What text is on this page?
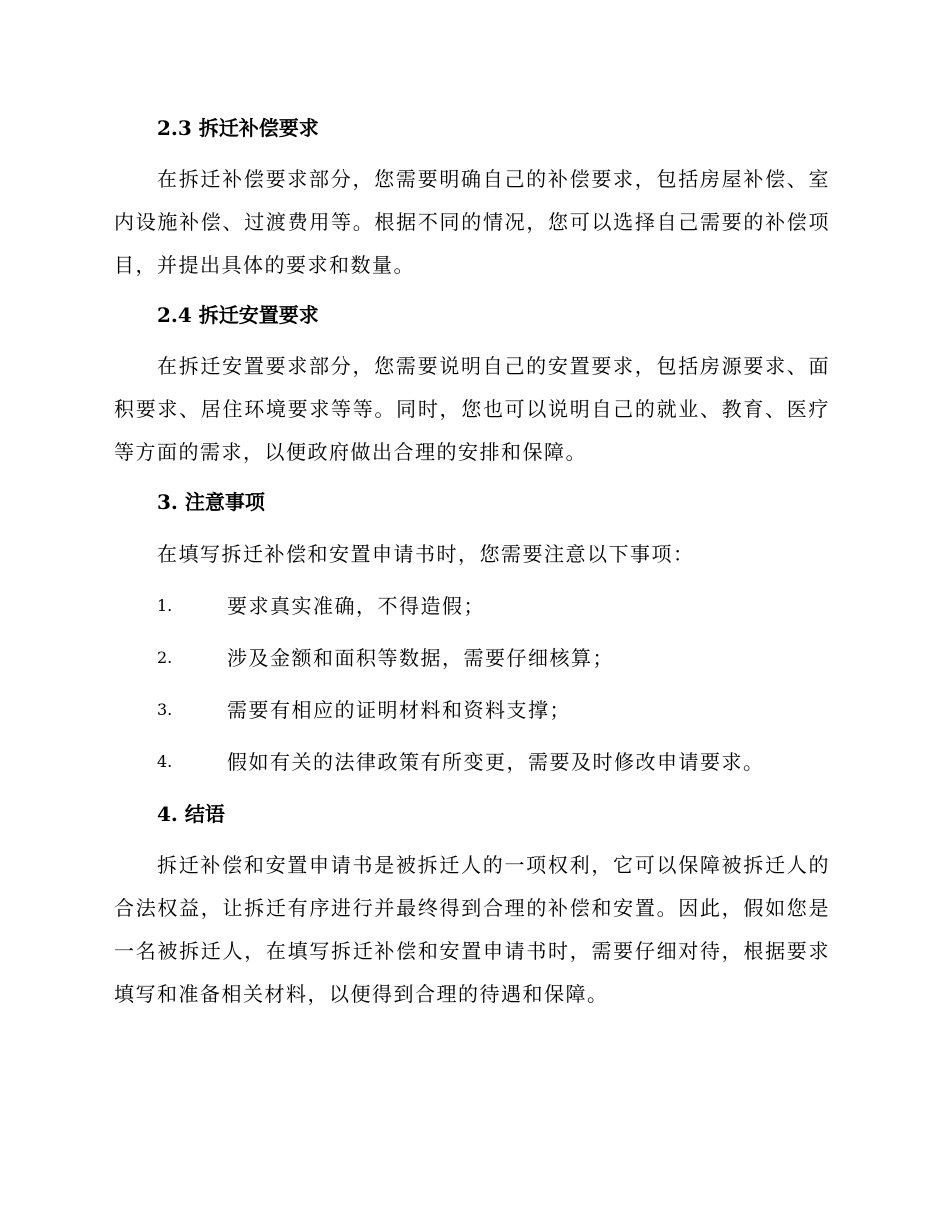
2.3 拆迁补偿要求
在拆迁补偿要求部分，您需要明确自己的补偿要求，包括房屋补偿、室内设施补偿、过渡费用等。根据不同的情况，您可以选择自己需要的补偿项目，并提出具体的要求和数量。
2.4 拆迁安置要求
在拆迁安置要求部分，您需要说明自己的安置要求，包括房源要求、面积要求、居住环境要求等等。同时，您也可以说明自己的就业、教育、医疗等方面的需求，以便政府做出合理的安排和保障。
3. 注意事项
在填写拆迁补偿和安置申请书时，您需要注意以下事项：
1.	要求真实准确，不得造假；
2.	涉及金额和面积等数据，需要仔细核算；
3.	需要有相应的证明材料和资料支撑；
4.	假如有关的法律政策有所变更，需要及时修改申请要求。
4. 结语
拆迁补偿和安置申请书是被拆迁人的一项权利，它可以保障被拆迁人的合法权益，让拆迁有序进行并最终得到合理的补偿和安置。因此，假如您是一名被拆迁人，在填写拆迁补偿和安置申请书时，需要仔细对待，根据要求填写和准备相关材料，以便得到合理的待遇和保障。
